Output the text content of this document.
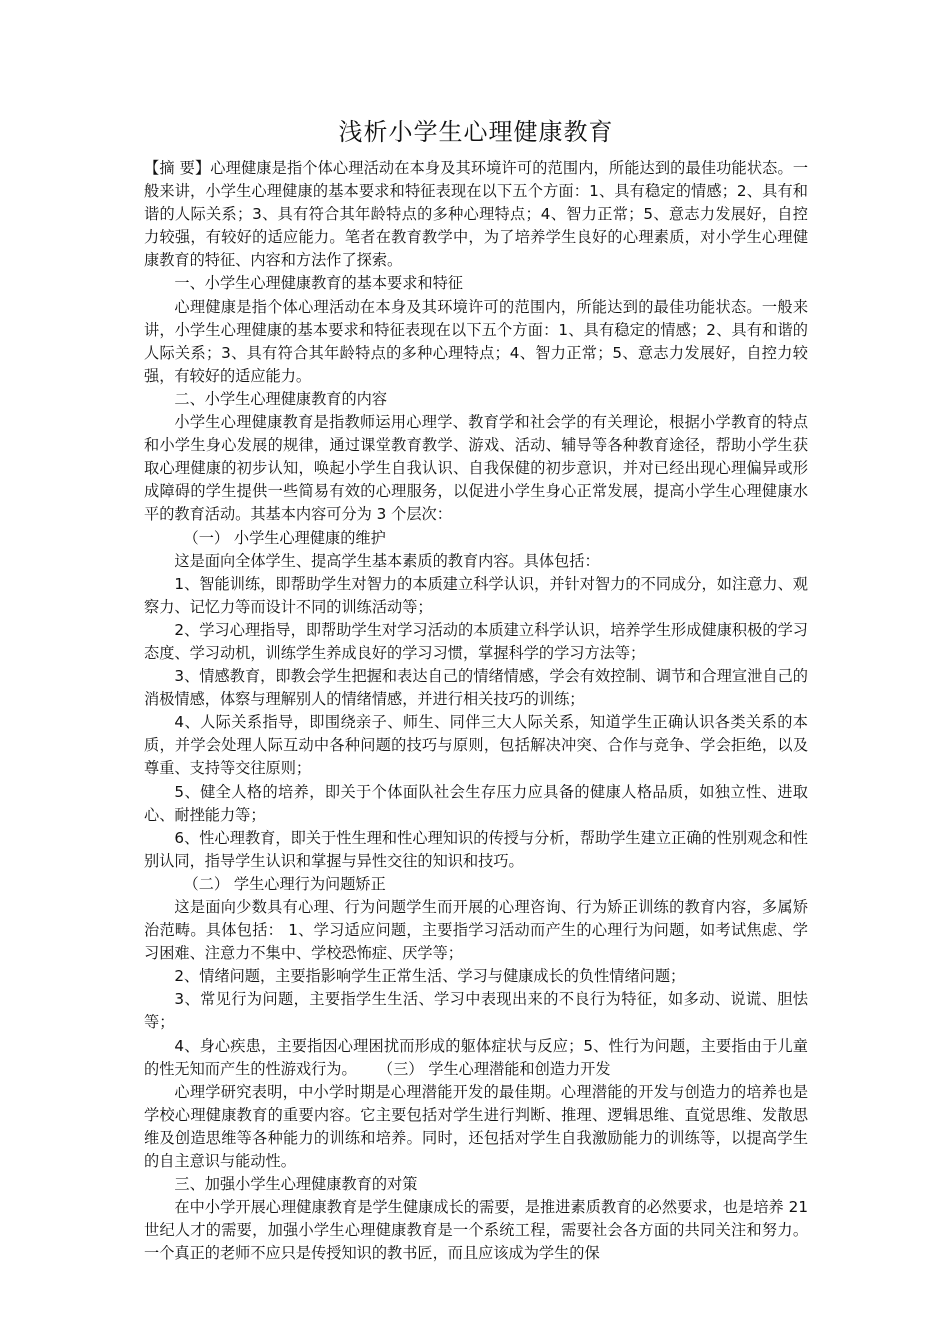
浅析小学生心理健康教育

【摘 要】心理健康是指个体心理活动在本身及其环境许可的范围内，所能达到的最佳功能状态。一般来讲，小学生心理健康的基本要求和特征表现在以下五个方面：1、具有稳定的情感；2、具有和谐的人际关系；3、具有符合其年龄特点的多种心理特点；4、智力正常；5、意志力发展好，自控力较强，有较好的适应能力。笔者在教育教学中，为了培养学生良好的心理素质，对小学生心理健康教育的特征、内容和方法作了探索。

一、小学生心理健康教育的基本要求和特征

心理健康是指个体心理活动在本身及其环境许可的范围内，所能达到的最佳功能状态。一般来讲，小学生心理健康的基本要求和特征表现在以下五个方面：1、具有稳定的情感；2、具有和谐的人际关系；3、具有符合其年龄特点的多种心理特点；4、智力正常；5、意志力发展好，自控力较强，有较好的适应能力。

二、小学生心理健康教育的内容

小学生心理健康教育是指教师运用心理学、教育学和社会学的有关理论，根据小学教育的特点和小学生身心发展的规律，通过课堂教育教学、游戏、活动、辅导等各种教育途径，帮助小学生获取心理健康的初步认知，唤起小学生自我认识、自我保健的初步意识，并对已经出现心理偏异或形成障碍的学生提供一些简易有效的心理服务，以促进小学生身心正常发展，提高小学生心理健康水平的教育活动。其基本内容可分为 3 个层次：

（一） 小学生心理健康的维护

这是面向全体学生、提高学生基本素质的教育内容。具体包括：

1、智能训练，即帮助学生对智力的本质建立科学认识，并针对智力的不同成分，如注意力、观察力、记忆力等而设计不同的训练活动等；

2、学习心理指导，即帮助学生对学习活动的本质建立科学认识，培养学生形成健康积极的学习态度、学习动机，训练学生养成良好的学习习惯，掌握科学的学习方法等；

3、情感教育，即教会学生把握和表达自己的情绪情感，学会有效控制、调节和合理宣泄自己的消极情感，体察与理解别人的情绪情感，并进行相关技巧的训练；

4、人际关系指导，即围绕亲子、师生、同伴三大人际关系，知道学生正确认识各类关系的本质，并学会处理人际互动中各种问题的技巧与原则，包括解决冲突、合作与竞争、学会拒绝，以及尊重、支持等交往原则；

5、健全人格的培养，即关于个体面队社会生存压力应具备的健康人格品质，如独立性、进取心、耐挫能力等；

6、性心理教育，即关于性生理和性心理知识的传授与分析，帮助学生建立正确的性别观念和性别认同，指导学生认识和掌握与异性交往的知识和技巧。

（二） 学生心理行为问题矫正

这是面向少数具有心理、行为问题学生而开展的心理咨询、行为矫正训练的教育内容，多属矫治范畴。具体包括： 1、学习适应问题，主要指学习活动而产生的心理行为问题，如考试焦虑、学习困难、注意力不集中、学校恐怖症、厌学等；

2、情绪问题，主要指影响学生正常生活、学习与健康成长的负性情绪问题；

3、常见行为问题，主要指学生生活、学习中表现出来的不良行为特征，如多动、说谎、胆怯等；

4、身心疾患，主要指因心理困扰而形成的躯体症状与反应；5、性行为问题，主要指由于儿童的性无知而产生的性游戏行为。 （三） 学生心理潜能和创造力开发

心理学研究表明，中小学时期是心理潜能开发的最佳期。心理潜能的开发与创造力的培养也是学校心理健康教育的重要内容。它主要包括对学生进行判断、推理、逻辑思维、直觉思维、发散思维及创造思维等各种能力的训练和培养。同时，还包括对学生自我激励能力的训练等，以提高学生的自主意识与能动性。

三、加强小学生心理健康教育的对策

在中小学开展心理健康教育是学生健康成长的需要，是推进素质教育的必然要求，也是培养 21 世纪人才的需要，加强小学生心理健康教育是一个系统工程，需要社会各方面的共同关注和努力。一个真正的老师不应只是传授知识的教书匠，而且应该成为学生的保
